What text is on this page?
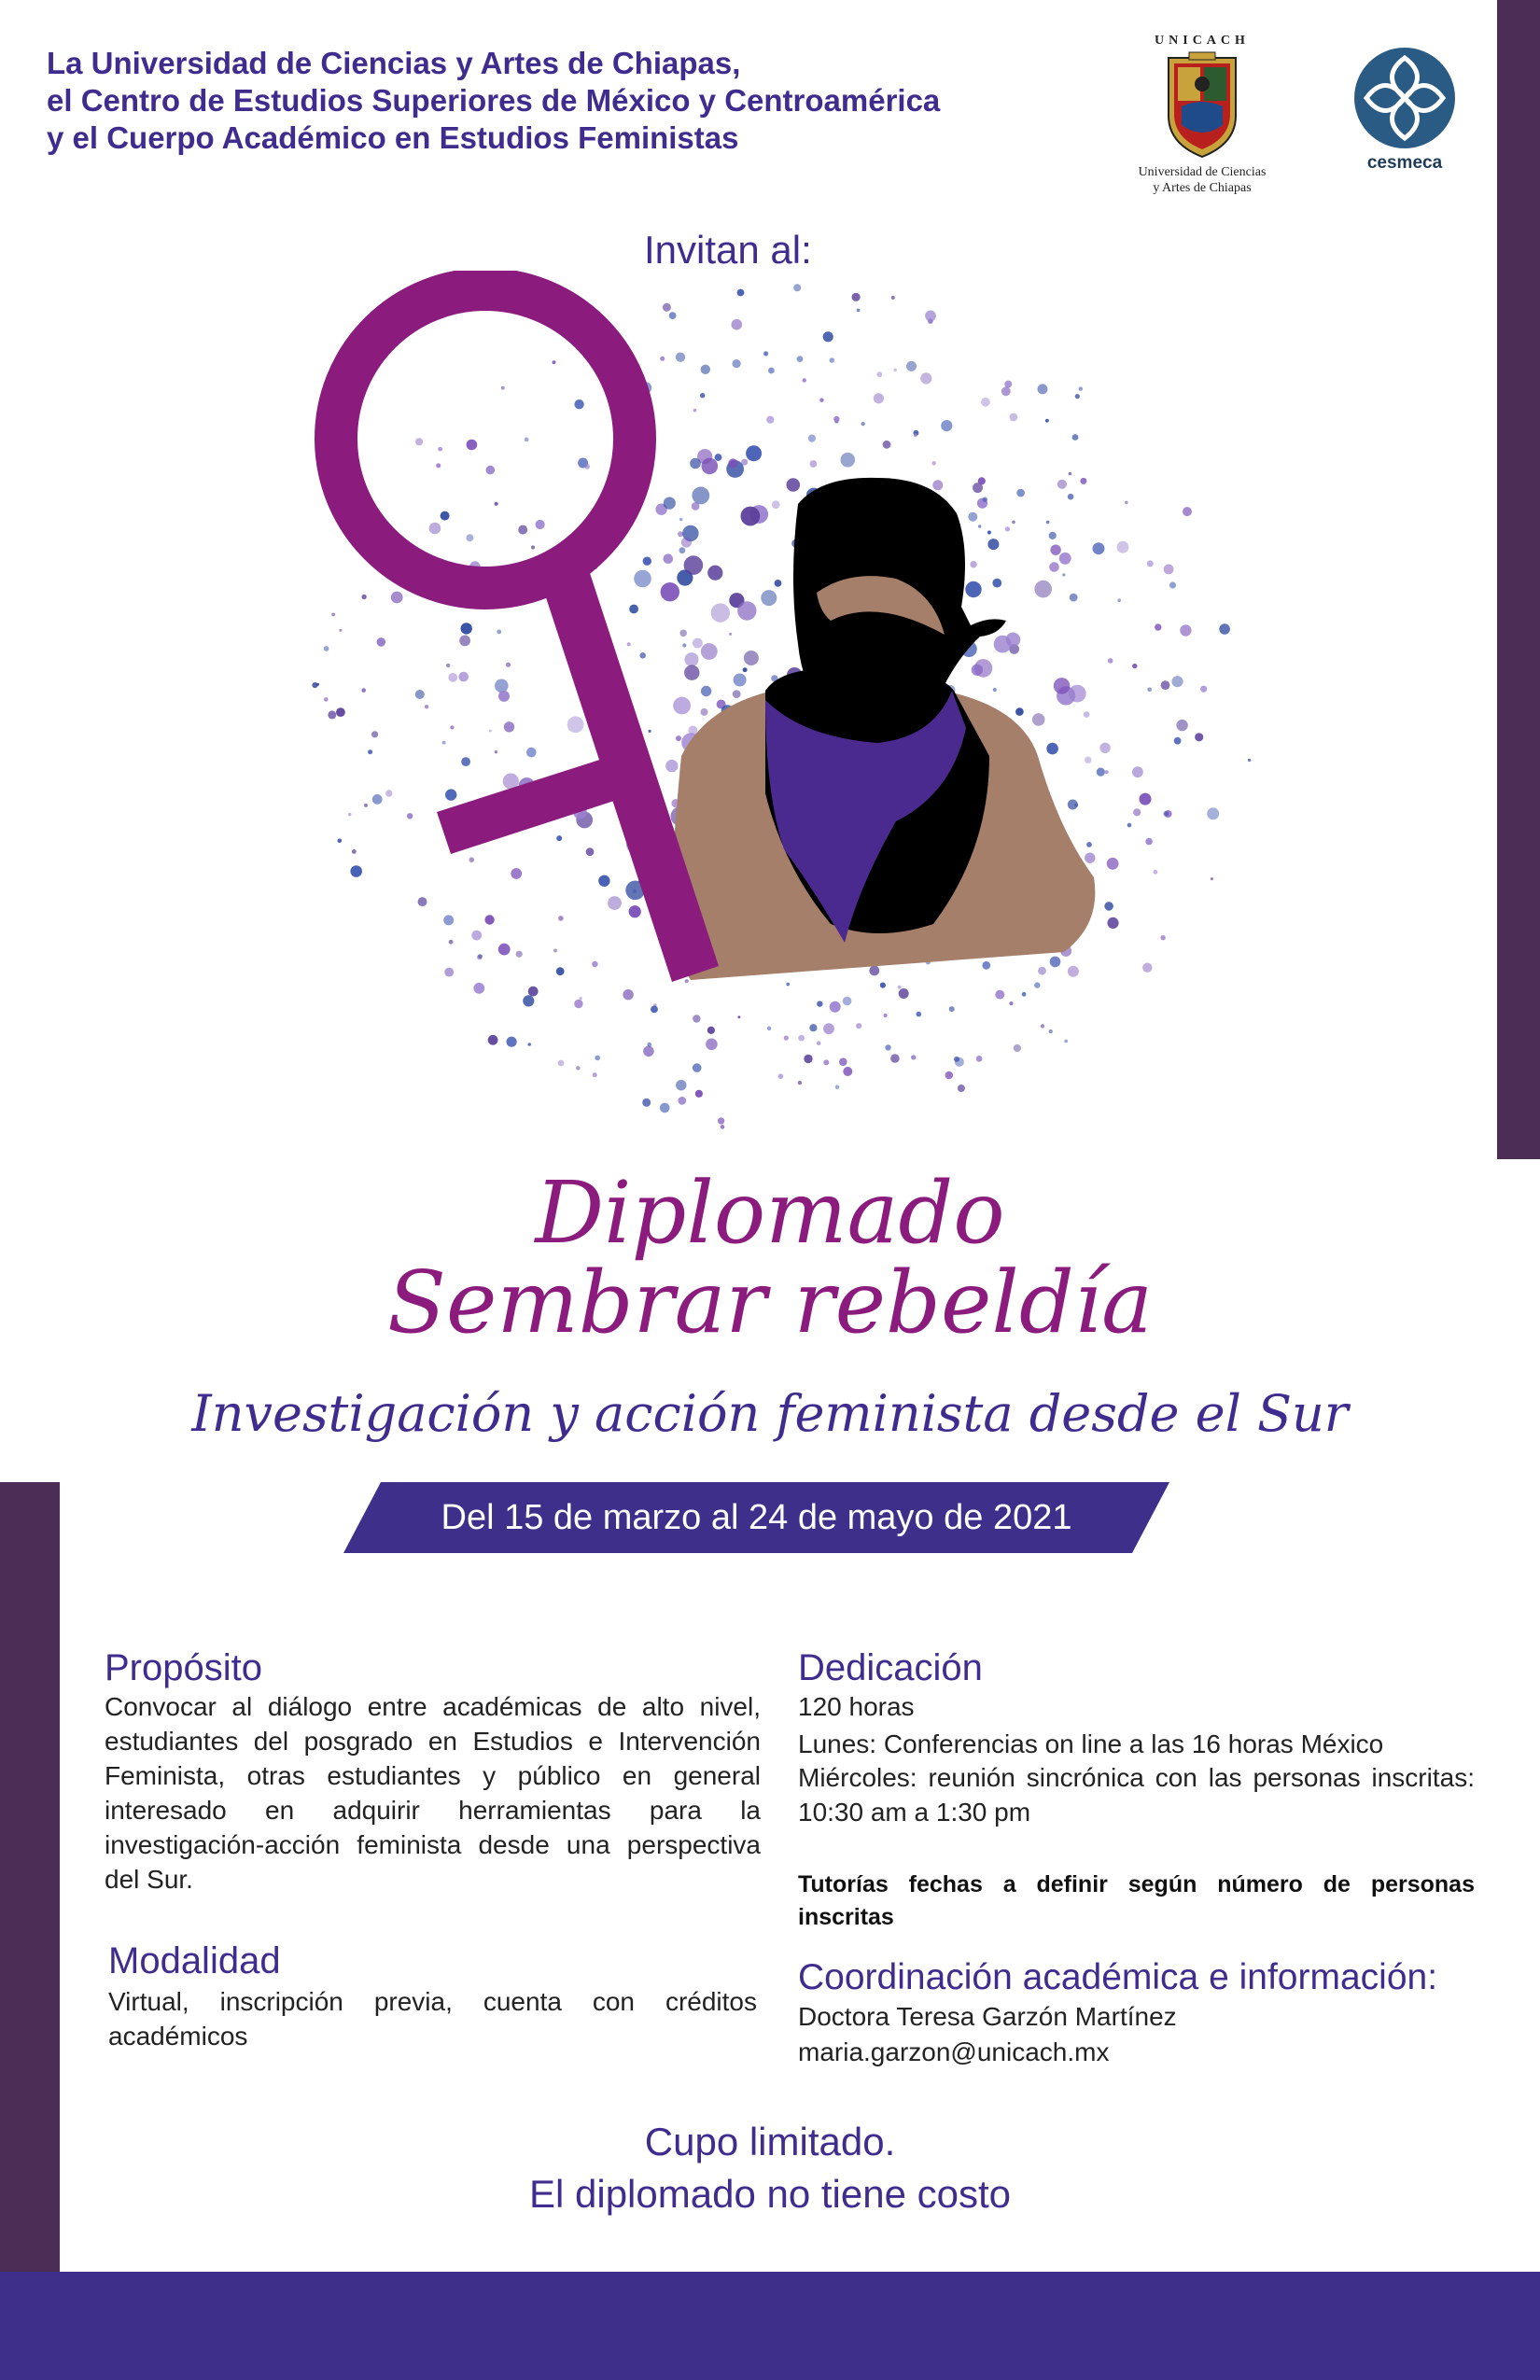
La Universidad de Ciencias y Artes de Chiapas,
el Centro de Estudios Superiores de México y Centroamérica
y el Cuerpo Académico en Estudios Feministas
UNICACH
Universidad de Ciencias
y Artes de Chiapas
cesmeca
Invitan al:
Diplomado
Sembrar rebeldía
Investigación y acción feminista desde el Sur
Del 15 de marzo al 24 de mayo de 2021
Propósito
Convocar al diálogo entre académicas de alto nivel, estudiantes del posgrado en Estudios e Intervención Feminista, otras estudiantes y público en general interesado en adquirir herramientas para la investigación-acción feminista desde una perspectiva del Sur.
Modalidad
Virtual, inscripción previa, cuenta con créditos académicos
Dedicación
120 horas
Lunes: Conferencias on line a las 16 horas México
Miércoles: reunión sincrónica con las personas inscritas: 10:30 am a 1:30 pm
Tutorías fechas a definir según número de personas inscritas
Coordinación académica e información:
Doctora Teresa Garzón Martínez
maria.garzon@unicach.mx
Cupo limitado.
El diplomado no tiene costo
